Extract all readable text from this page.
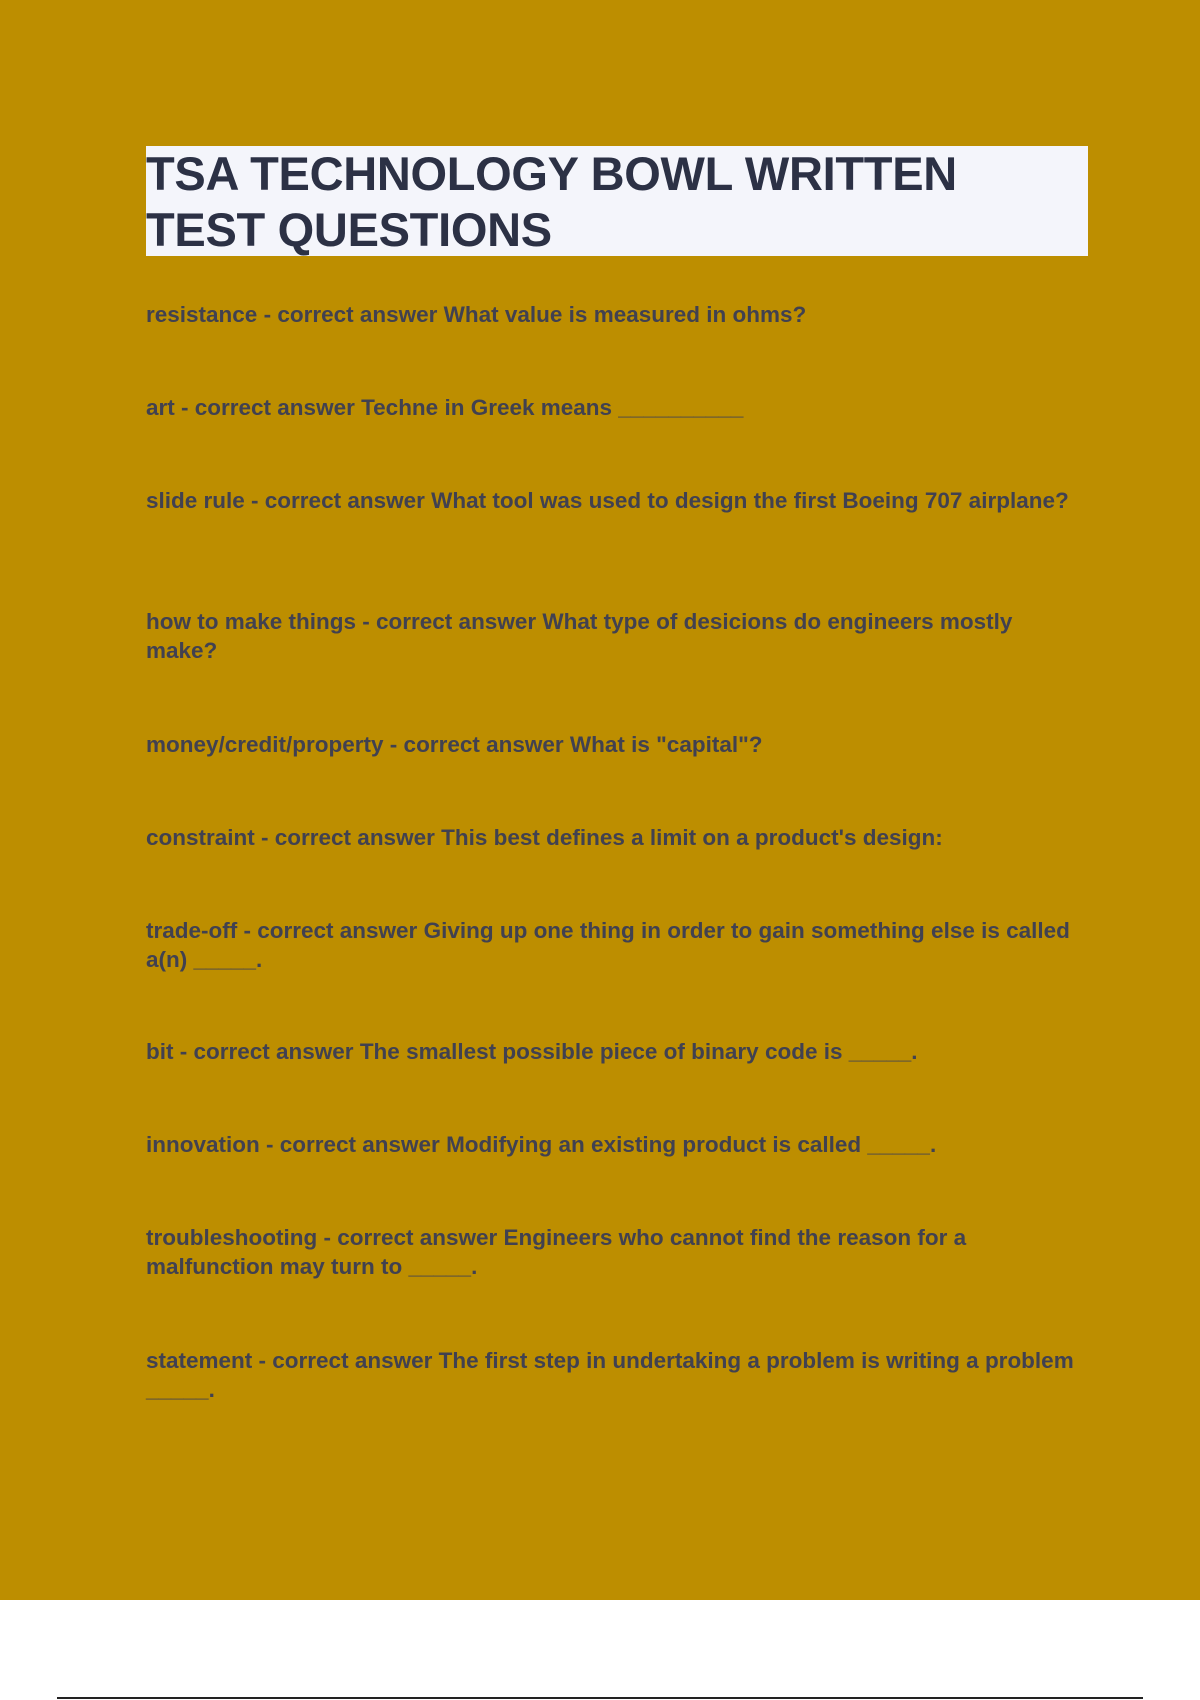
TSA TECHNOLOGY BOWL WRITTEN TEST QUESTIONS
resistance - correct answer What value is measured in ohms?
art - correct answer Techne in Greek means __________
slide rule - correct answer What tool was used to design the first Boeing 707 airplane?
how to make things - correct answer What type of desicions do engineers mostly make?
money/credit/property - correct answer What is "capital"?
constraint - correct answer This best defines a limit on a product's design:
trade-off - correct answer Giving up one thing in order to gain something else is called a(n) _____.
bit - correct answer The smallest possible piece of binary code is _____.
innovation - correct answer Modifying an existing product is called _____.
troubleshooting - correct answer Engineers who cannot find the reason for a malfunction may turn to _____.
statement - correct answer The first step in undertaking a problem is writing a problem _____.
